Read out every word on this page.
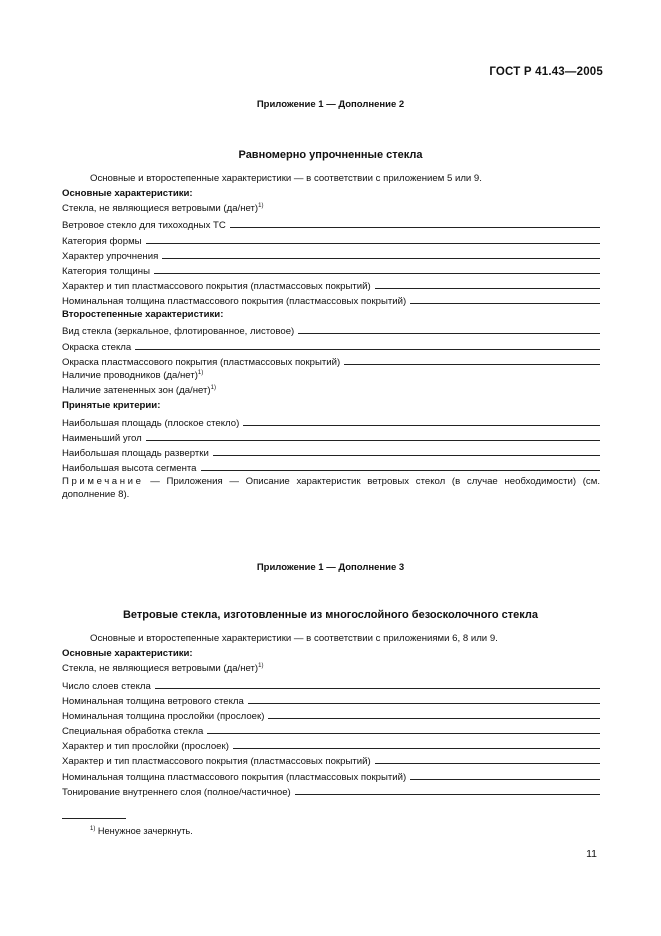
ГОСТ Р 41.43—2005
Приложение 1 — Дополнение 2
Равномерно упрочненные стекла
Основные и второстепенные характеристики — в соответствии с приложением 5 или 9.
Основные характеристики:
Стекла, не являющиеся ветровыми $(да/нет)^{1)}$
Ветровое стекло для тихоходных ТС
Категория формы
Характер упрочнения
Категория толщины
Характер и тип пластмассового покрытия (пластмассовых покрытий)
Номинальная толщина пластмассового покрытия (пластмассовых покрытий)
Второстепенные характеристики:
Вид стекла (зеркальное, флотированное, листовое)
Окраска стекла
Окраска пластмассового покрытия (пластмассовых покрытий)
Наличие проводников $(да/нет)^{1)}$
Наличие затененных зон $(да/нет)^{1)}$
Принятые критерии:
Наибольшая площадь (плоское стекло)
Наименьший угол
Наибольшая площадь развертки
Наибольшая высота сегмента
Примечание — Приложения — Описание характеристик ветровых стекол (в случае необходимости) (см. дополнение 8).
Приложение 1 — Дополнение 3
Ветровые стекла, изготовленные из многослойного безосколочного стекла
Основные и второстепенные характеристики — в соответствии с приложениями 6, 8 или 9.
Основные характеристики:
Стекла, не являющиеся ветровыми $(да/нет)^{1)}$
Число слоев стекла
Номинальная толщина ветрового стекла
Номинальная толщина прослойки (прослоек)
Специальная обработка стекла
Характер и тип прослойки (прослоек)
Характер и тип пластмассового покрытия (пластмассовых покрытий)
Номинальная толщина пластмассового покрытия (пластмассовых покрытий)
Тонирование внутреннего слоя (полное/частичное)
$^{1)}$ Ненужное зачеркнуть.
11
